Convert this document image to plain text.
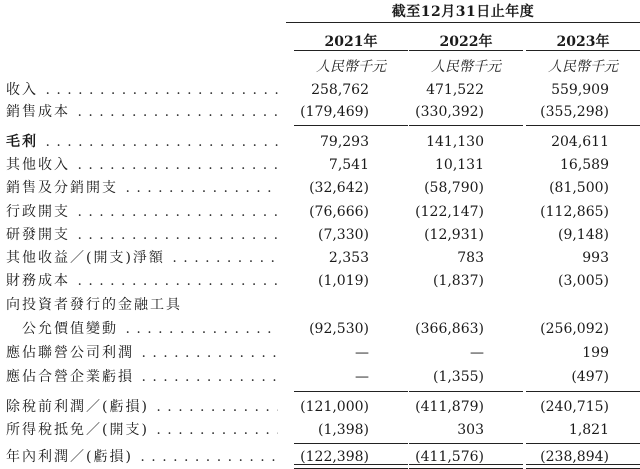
截至12月31日止年度
2021年	2022年	2023年
人民幣千元	人民幣千元	人民幣千元
收入 . . .	258,762	471,522	559,909
銷售成本 . . .	(179,469)	(330,392)	(355,298)
毛利 . . .	79,293	141,130	204,611
其他收入 . . .	7,541	10,131	16,589
銷售及分銷開支 . . .	(32,642)	(58,790)	(81,500)
行政開支 . . .	(76,666)	(122,147)	(112,865)
研發開支 . . .	(7,330)	(12,931)	(9,148)
其他收益／(開支)淨額 . . .	2,353	783	993
財務成本 . . .	(1,019)	(1,837)	(3,005)
向投資者發行的金融工具
公允價值變動 . . .	(92,530)	(366,863)	(256,092)
應佔聯營公司利潤 . . .	—	—	199
應佔合營企業虧損 . . .	—	(1,355)	(497)
除稅前利潤／(虧損) . . .	(121,000)	(411,879)	(240,715)
所得稅抵免／(開支) . . .	(1,398)	303	1,821
年內利潤／(虧損) . . .	(122,398)	(411,576)	(238,894)
